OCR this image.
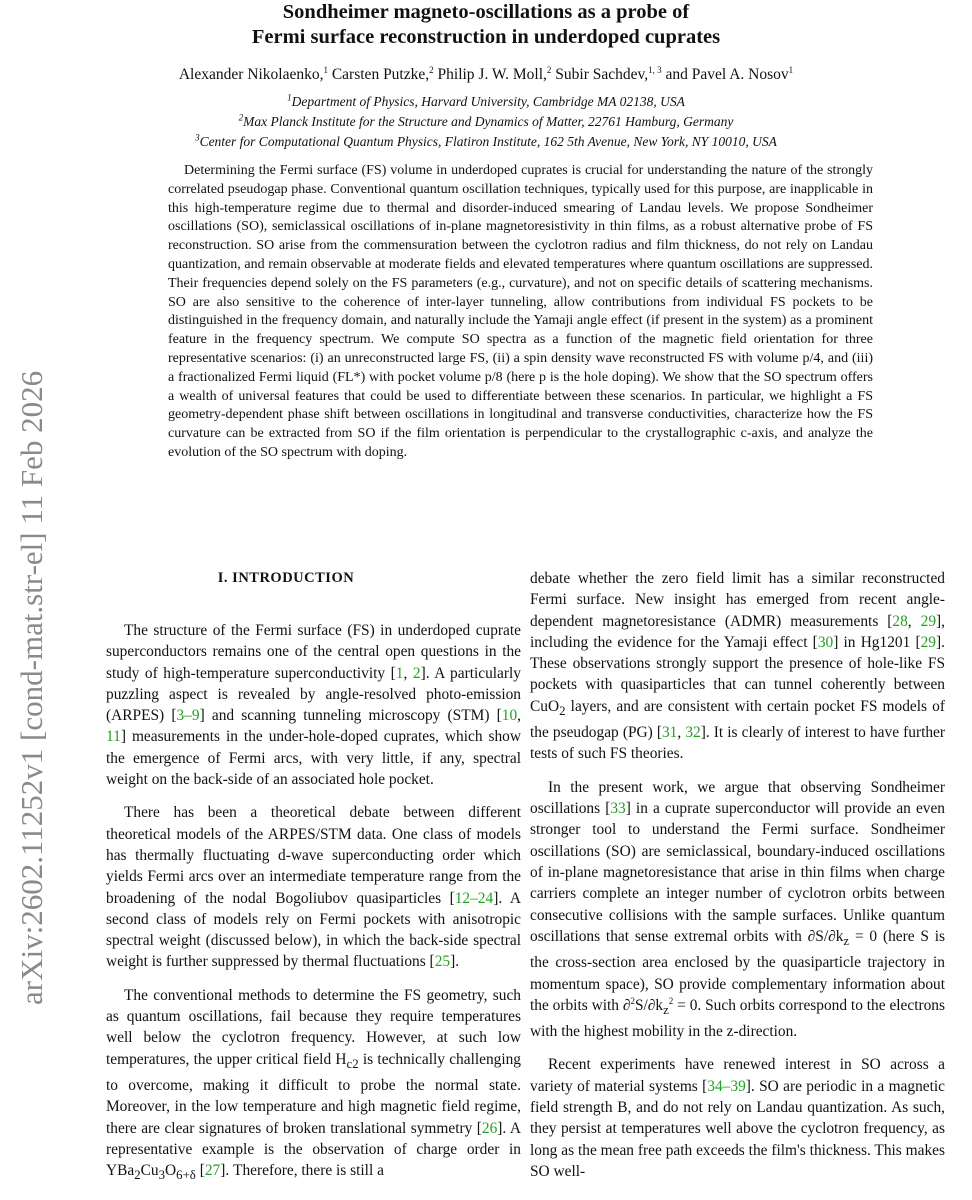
arXiv:2602.11252v1 [cond-mat.str-el] 11 Feb 2026
Sondheimer magneto-oscillations as a probe of
Fermi surface reconstruction in underdoped cuprates
Alexander Nikolaenko,$^1$ Carsten Putzke,$^2$ Philip J. W. Moll,$^2$ Subir Sachdev,$^{1, 3}$ and Pavel A. Nosov$^1$
$^1$Department of Physics, Harvard University, Cambridge MA 02138, USA
$^2$Max Planck Institute for the Structure and Dynamics of Matter, 22761 Hamburg, Germany
$^3$Center for Computational Quantum Physics, Flatiron Institute, 162 5th Avenue, New York, NY 10010, USA

Determining the Fermi surface (FS) volume in underdoped cuprates is crucial for understanding the nature of the strongly correlated pseudogap phase. Conventional quantum oscillation techniques, typically used for this purpose, are inapplicable in this high-temperature regime due to thermal and disorder-induced smearing of Landau levels. We propose Sondheimer oscillations (SO), semiclassical oscillations of in-plane magnetoresistivity in thin films, as a robust alternative probe of FS reconstruction. SO arise from the commensuration between the cyclotron radius and film thickness, do not rely on Landau quantization, and remain observable at moderate fields and elevated temperatures where quantum oscillations are suppressed. Their frequencies depend solely on the FS parameters (e.g., curvature), and not on specific details of scattering mechanisms. SO are also sensitive to the coherence of inter-layer tunneling, allow contributions from individual FS pockets to be distinguished in the frequency domain, and naturally include the Yamaji angle effect (if present in the system) as a prominent feature in the frequency spectrum. We compute SO spectra as a function of the magnetic field orientation for three representative scenarios: (i) an unreconstructed large FS, (ii) a spin density wave reconstructed FS with volume p/4, and (iii) a fractionalized Fermi liquid (FL*) with pocket volume p/8 (here p is the hole doping). We show that the SO spectrum offers a wealth of universal features that could be used to differentiate between these scenarios. In particular, we highlight a FS geometry-dependent phase shift between oscillations in longitudinal and transverse conductivities, characterize how the FS curvature can be extracted from SO if the film orientation is perpendicular to the crystallographic c-axis, and analyze the evolution of the SO spectrum with doping.

I. INTRODUCTION

The structure of the Fermi surface (FS) in underdoped cuprate superconductors remains one of the central open questions in the study of high-temperature superconductivity [1, 2]. A particularly puzzling aspect is revealed by angle-resolved photo-emission (ARPES) [3–9] and scanning tunneling microscopy (STM) [10, 11] measurements in the under-hole-doped cuprates, which show the emergence of Fermi arcs, with very little, if any, spectral weight on the back-side of an associated hole pocket.

There has been a theoretical debate between different theoretical models of the ARPES/STM data. One class of models has thermally fluctuating d-wave superconducting order which yields Fermi arcs over an intermediate temperature range from the broadening of the nodal Bogoliubov quasiparticles [12–24]. A second class of models rely on Fermi pockets with anisotropic spectral weight (discussed below), in which the back-side spectral weight is further suppressed by thermal fluctuations [25].

The conventional methods to determine the FS geometry, such as quantum oscillations, fail because they require temperatures well below the cyclotron frequency. However, at such low temperatures, the upper critical field $H_{c2}$ is technically challenging to overcome, making it difficult to probe the normal state. Moreover, in the low temperature and high magnetic field regime, there are clear signatures of broken translational symmetry [26]. A representative example is the observation of charge order in $YBa_2Cu_3O_{6+\delta}$ [27]. Therefore, there is still a

debate whether the zero field limit has a similar reconstructed Fermi surface. New insight has emerged from recent angle-dependent magnetoresistance (ADMR) measurements [28, 29], including the evidence for the Yamaji effect [30] in Hg1201 [29]. These observations strongly support the presence of hole-like FS pockets with quasiparticles that can tunnel coherently between CuO$_2$ layers, and are consistent with certain pocket FS models of the pseudogap (PG) [31, 32]. It is clearly of interest to have further tests of such FS theories.

In the present work, we argue that observing Sondheimer oscillations [33] in a cuprate superconductor will provide an even stronger tool to understand the Fermi surface. Sondheimer oscillations (SO) are semiclassical, boundary-induced oscillations of in-plane magnetoresistance that arise in thin films when charge carriers complete an integer number of cyclotron orbits between consecutive collisions with the sample surfaces. Unlike quantum oscillations that sense extremal orbits with $\partial S/\partial k_z = 0$ (here S is the cross-section area enclosed by the quasiparticle trajectory in momentum space), SO provide complementary information about the orbits with $\partial^2S/\partial k_z^2 = 0$. Such orbits correspond to the electrons with the highest mobility in the z-direction.

Recent experiments have renewed interest in SO across a variety of material systems [34–39]. SO are periodic in a magnetic field strength B, and do not rely on Landau quantization. As such, they persist at temperatures well above the cyclotron frequency, as long as the mean free path exceeds the film's thickness. This makes SO well-
